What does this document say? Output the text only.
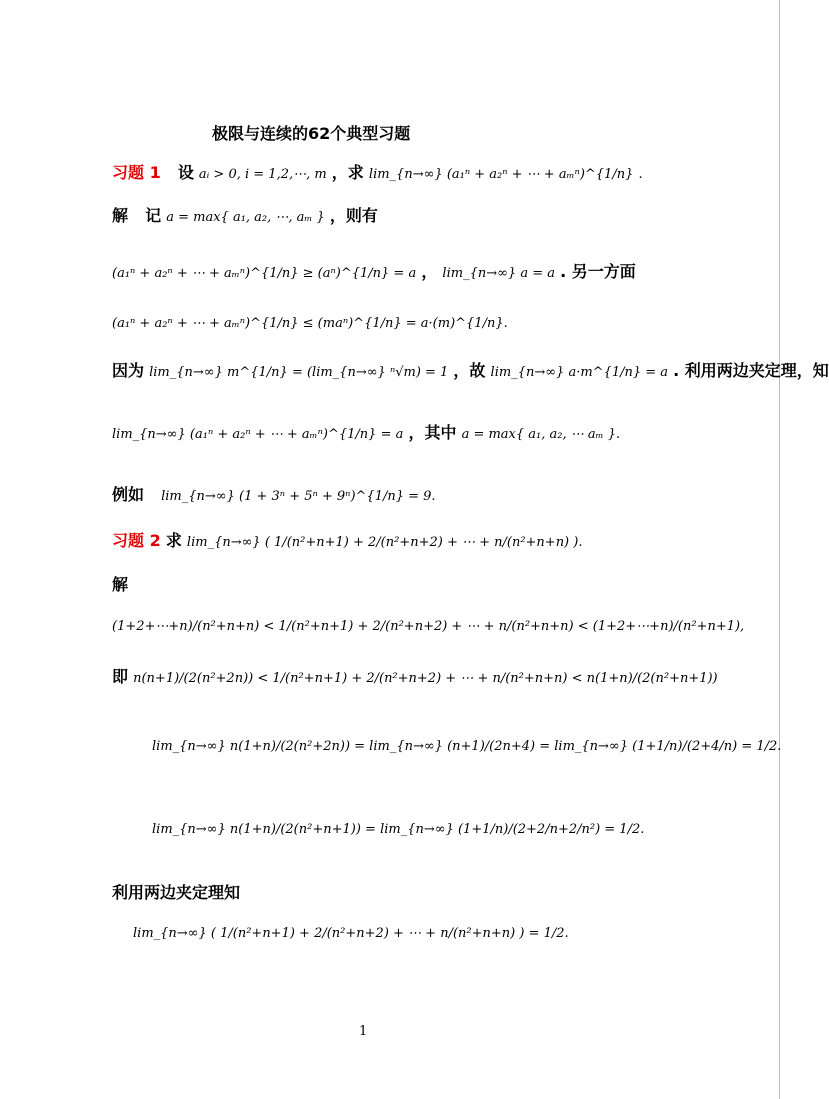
极限与连续的62个典型习题
习题 1 设 aᵢ > 0, i = 1,2,⋯, m ，求 lim_{n→∞} (a₁ⁿ + a₂ⁿ + ⋯ + aₘⁿ)^{1/n} .
解 记 a = max{ a₁, a₂, ⋯, aₘ } ，则有
(a₁ⁿ + a₂ⁿ + ⋯ + aₘⁿ)^{1/n} ≥ (aⁿ)^{1/n} = a ， lim_{n→∞} a = a . 另一方面
(a₁ⁿ + a₂ⁿ + ⋯ + aₘⁿ)^{1/n} ≤ (maⁿ)^{1/n} = a·(m)^{1/n}.
因为 lim_{n→∞} m^{1/n} = (lim_{n→∞} ⁿ√m) = 1 ，故 lim_{n→∞} a·m^{1/n} = a . 利用两边夹定理，知
lim_{n→∞} (a₁ⁿ + a₂ⁿ + ⋯ + aₘⁿ)^{1/n} = a ，其中 a = max{ a₁, a₂, ⋯ aₘ }.
例如 lim_{n→∞} (1 + 3ⁿ + 5ⁿ + 9ⁿ)^{1/n} = 9.
习题 2 求 lim_{n→∞} ( 1/(n²+n+1) + 2/(n²+n+2) + ⋯ + n/(n²+n+n) ).
解
(1+2+⋯+n)/(n²+n+n) < 1/(n²+n+1) + 2/(n²+n+2) + ⋯ + n/(n²+n+n) < (1+2+⋯+n)/(n²+n+1),
即 n(n+1)/(2(n²+2n)) < 1/(n²+n+1) + 2/(n²+n+2) + ⋯ + n/(n²+n+n) < n(1+n)/(2(n²+n+1))
lim_{n→∞} n(1+n)/(2(n²+2n)) = lim_{n→∞} (n+1)/(2n+4) = lim_{n→∞} (1+1/n)/(2+4/n) = 1/2.
lim_{n→∞} n(1+n)/(2(n²+n+1)) = lim_{n→∞} (1+1/n)/(2+2/n+2/n²) = 1/2.
利用两边夹定理知
lim_{n→∞} ( 1/(n²+n+1) + 2/(n²+n+2) + ⋯ + n/(n²+n+n) ) = 1/2.
1
